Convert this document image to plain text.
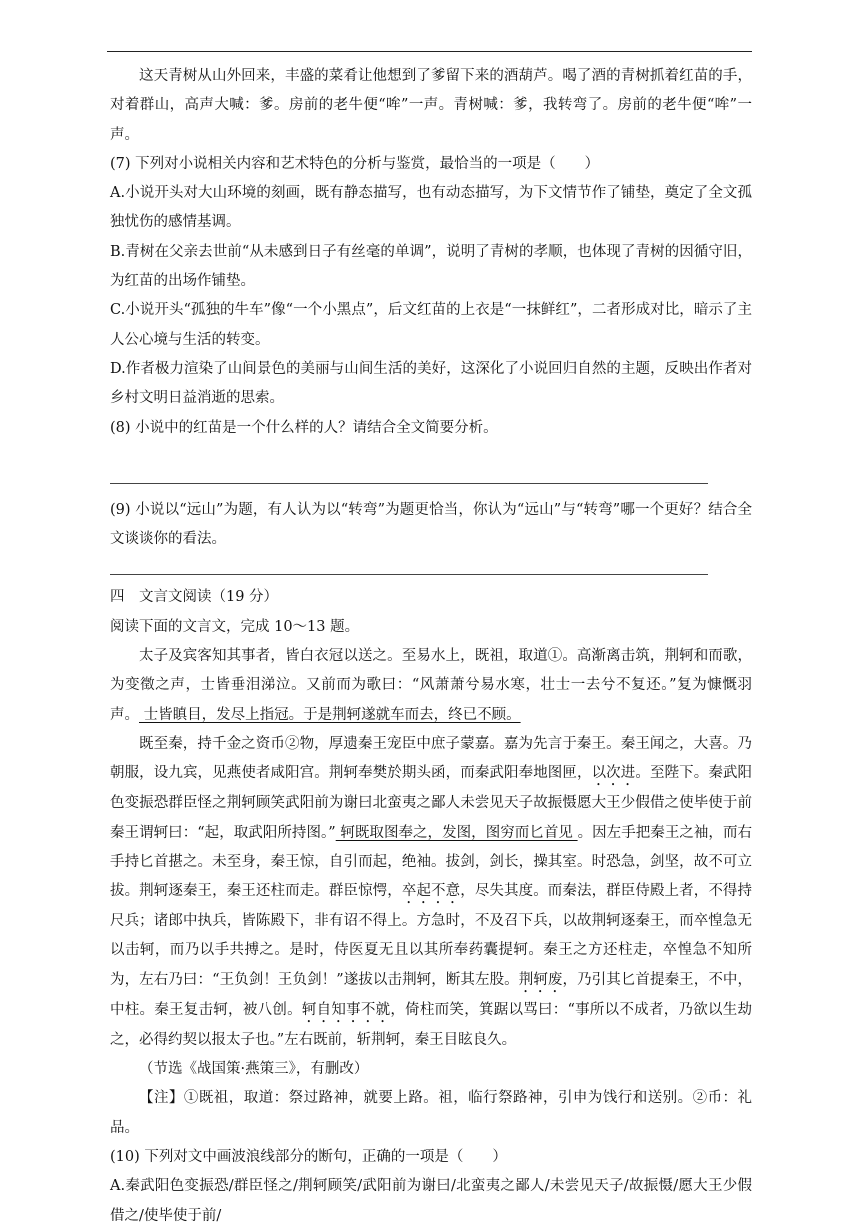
这天青树从山外回来，丰盛的菜肴让他想到了爹留下来的酒葫芦。喝了酒的青树抓着红苗的手，对着群山，高声大喊：爹。房前的老牛便“哞”一声。青树喊：爹，我转弯了。房前的老牛便“哞”一声。

(7) 下列对小说相关内容和艺术特色的分析与鉴赏，最恰当的一项是（　　）

A.小说开头对大山环境的刻画，既有静态描写，也有动态描写，为下文情节作了铺垫，奠定了全文孤独忧伤的感情基调。

B.青树在父亲去世前“从未感到日子有丝毫的单调”，说明了青树的孝顺，也体现了青树的因循守旧，为红苗的出场作铺垫。

C.小说开头“孤独的牛车”像“一个小黑点”，后文红苗的上衣是“一抹鲜红”，二者形成对比，暗示了主人公心境与生活的转变。

D.作者极力渲染了山间景色的美丽与山间生活的美好，这深化了小说回归自然的主题，反映出作者对乡村文明日益消逝的思索。

(8) 小说中的红苗是一个什么样的人？请结合全文简要分析。

(9) 小说以“远山”为题，有人认为以“转弯”为题更恰当，你认为“远山”与“转弯”哪一个更好？结合全文谈谈你的看法。

四　文言文阅读（19 分）

阅读下面的文言文，完成 10～13 题。

太子及宾客知其事者，皆白衣冠以送之。至易水上，既祖，取道①。高渐离击筑，荆轲和而歌，为变徵之声，士皆垂泪涕泣。又前而为歌曰：“风萧萧兮易水寒，壮士一去兮不复还。”复为慷慨羽声。 士皆瞋目，发尽上指冠。于是荆轲遂就车而去，终已不顾。

既至秦，持千金之资币②物，厚遗秦王宠臣中庶子蒙嘉。嘉为先言于秦王。秦王闻之，大喜。乃朝服，设九宾，见燕使者咸阳宫。荆轲奉樊於期头函，而秦武阳奉地图匣，以次进。至陛下。秦武阳色变振恐群臣怪之荆轲顾笑武阳前为谢曰北蛮夷之鄙人未尝见天子故振慑愿大王少假借之使毕使于前秦王谓轲曰：“起，取武阳所持图。” 轲既取图奉之，发图，图穷而匕首见 。因左手把秦王之袖，而右手持匕首揕之。未至身，秦王惊，自引而起，绝袖。拔剑，剑长，操其室。时恐急，剑坚，故不可立拔。荆轲逐秦王，秦王还柱而走。群臣惊愕，卒起不意，尽失其度。而秦法，群臣侍殿上者，不得持尺兵；诸郎中执兵，皆陈殿下，非有诏不得上。方急时，不及召下兵，以故荆轲逐秦王，而卒惶急无以击轲，而乃以手共搏之。是时，侍医夏无且以其所奉药囊提轲。秦王之方还柱走，卒惶急不知所为，左右乃曰：“王负剑！王负剑！”遂拔以击荆轲，断其左股。荆轲废，乃引其匕首提秦王，不中，中柱。秦王复击轲，被八创。轲自知事不就，倚柱而笑，箕踞以骂曰：“事所以不成者，乃欲以生劫之，必得约契以报太子也。”左右既前，斩荆轲，秦王目眩良久。

（节选《战国策·燕策三》，有删改）

【注】①既祖，取道：祭过路神，就要上路。祖，临行祭路神，引申为饯行和送别。②币：礼品。

(10) 下列对文中画波浪线部分的断句，正确的一项是（　　）

A.秦武阳色变振恐/群臣怪之/荆轲顾笑/武阳前为谢曰/北蛮夷之鄙人/未尝见天子/故振慑/愿大王少假借之/使毕使于前/
